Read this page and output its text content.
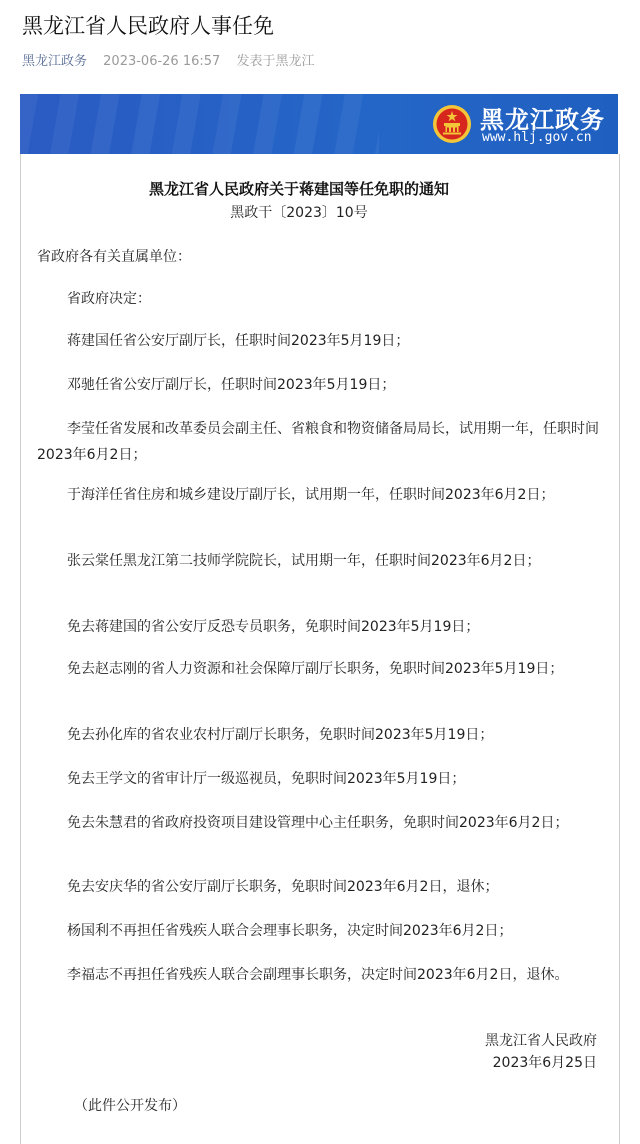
黑龙江省人民政府人事任免
黑龙江政务 2023-06-26 16:57 发表于黑龙江
黑龙江政务
www.hlj.gov.cn
黑龙江省人民政府关于蒋建国等任免职的通知
黑政干〔2023〕10号
省政府各有关直属单位：
省政府决定：
蒋建国任省公安厅副厅长，任职时间2023年5月19日；
邓驰任省公安厅副厅长，任职时间2023年5月19日；
李莹任省发展和改革委员会副主任、省粮食和物资储备局局长，试用期一年，任职时间2023年6月2日；
于海洋任省住房和城乡建设厅副厅长，试用期一年，任职时间2023年6月2日；
张云棠任黑龙江第二技师学院院长，试用期一年，任职时间2023年6月2日；
免去蒋建国的省公安厅反恐专员职务，免职时间2023年5月19日；
免去赵志刚的省人力资源和社会保障厅副厅长职务，免职时间2023年5月19日；
免去孙化库的省农业农村厅副厅长职务，免职时间2023年5月19日；
免去王学文的省审计厅一级巡视员，免职时间2023年5月19日；
免去朱慧君的省政府投资项目建设管理中心主任职务，免职时间2023年6月2日；
免去安庆华的省公安厅副厅长职务，免职时间2023年6月2日，退休；
杨国利不再担任省残疾人联合会理事长职务，决定时间2023年6月2日；
李福志不再担任省残疾人联合会副理事长职务，决定时间2023年6月2日，退休。
黑龙江省人民政府
2023年6月25日
（此件公开发布）
